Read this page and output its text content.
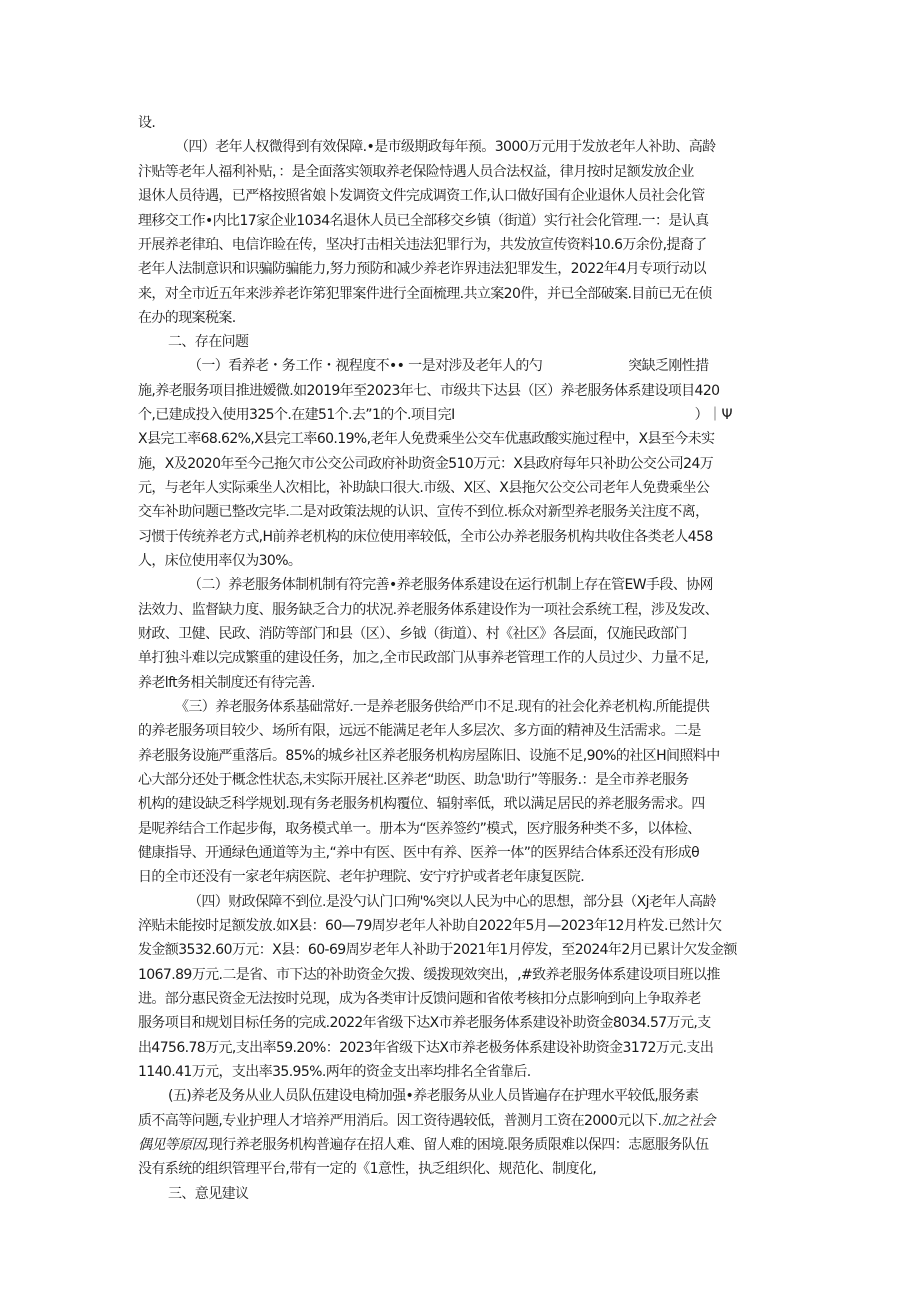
设.
（四）老年人权微得到有效保障.•是市级期政每年预。3000万元用于发放老年人补助、高龄
汴贴等老年人福利补贴，：是全面落实领取养老保险恃遇人员合法权益，律月按时足额发放企业
退休人员待遇，已严格按照省娘卜发调资文件完成调资工作,认口做好国有企业退休人员社会化管
理移交工作•内比17家企业1034名退休人员已全部移交乡镇（街道）实行社会化管理.一：是认真
开展养老律珀、电信诈睑在传，坚决打击相关违法犯罪行为，共发放宣传资料10.6万余份,提裔了
老年人法制意识和识骗防骗能力,努力预防和减少养老诈界违法犯罪发生，2022年4月专项行动以
来，对全市近五年来涉养老诈笫犯罪案件进行全面梳理.共立案20件，并已全部破案.目前已无在侦
在办的现案税案.
二、存在问题
（一）看养老・务工作・视程度不•• 一是对涉及老年人的勺	突缺乏刚性措
施,养老服务项目推进嫒微.如2019年至2023年七、市级共下达县（区）养老服务体系建设项目420
个,已建成投入使用325个.在建51个.去”1的个.项目完I	）｜Ψ
X县完工率68.62%,X县完工率60.19%,老年人免费乘坐公交车优惠政酸实施过程中，X县至今未实
施，X及2020年至今己拖欠市公交公司政府补助资金510万元：X县政府每年只补助公交公司24万
元，与老年人实际乘坐人次相比，补助缺口很大.市级、X区、X县拖欠公交公司老年人免费乘坐公
交车补助问题已整改完毕.二是对政策法规的认识、宣传不到位.栎众对新型养老服务关注度不离，
习惯于传统养老方式,H前养老机构的床位使用率较低，全市公办养老服务机构共收住各类老人458
人，床位使用率仅为30%。
（二）养老服务体制机制有符完善•养老服务体系建设在运行机制上存在管EW手段、协网
法效力、监督缺力度、服务缺乏合力的状况.养老服务体系建设作为一项社会系统工程，涉及发改、
财政、卫健、民政、消防等部门和县（区）、乡钺（街道）、村《社区》各层面，仅施民政部门
单打独斗难以完成繁重的建设任务，加之,全市民政部门从事养老管理工作的人员过少、力量不足,
养老lft务相关制度还有待完善.
《三）养老服务体系基础常好.一是养老服务供给严巾不足.现有的社会化养老机构.所能提供
的养老服务项目较少、场所有限，远远不能满足老年人多层次、多方面的精神及生活需求。二是
养老服务设施严重落后。85%的城乡社区养老服务机构房屋陈旧、设施不足,90%的社区H间照料中
心大部分还处于概念性状态,未实际开展社.区养老“助医、助急'助行”等服务.：是全市养老服务
机构的建设缺乏科学规划.现有务老服务机构覆位、辐射率低，玳以满足居民的养老服务需求。四
是呢养结合工作起步侮，取务模式单一。册本为“医养签约”模式，医疗服务种类不多，以体检、
健康指导、开通绿色通道等为主,“养中有医、医中有养、医养一体”的医界结合体系还没有形成θ
日的全市还没有一家老年病医院、老年护理院、安宁疗护或者老年康复医院.
（四）财政保障不到位.是没勺认门口殉'%突以人民为中心的思想，部分县（Xj老年人高龄
淬贴未能按时足额发放.如X县：60—79周岁老年人补助自2022年5月—2023年12月杵发.已然计欠
发金额3532.60万元：X县：60-69周岁老年人补助于2021年1月停发，至2024年2月已累计欠发金额
1067.89万元.二是省、市下达的补助资金欠拨、缓拨现效突出，,#致养老服务体系建设项目班以推
进。部分惠民资金无法按时兑现，成为各类审计反馈问题和省侬考核扣分点影响到向上争取养老
服务项目和规划目标任务的完成.2022年省级下达X市养老服务体系建设补助资金8034.57万元,支
出4756.78万元,支出率59.20%：2023年省级下达X市养老极务体系建设补助资金3172万元.支出
1140.41万元，支出率35.95%.两年的资金支出率均排名全省靠后.
(五)养老及务从业人员队伍建设电椅加强•养老服务从业人员皆遍存在护理水平较低,服务素
质不高等问题,专业护理人才培养严用消后。因工资待遇较低，普测月工资在2000元以下.加之社会
偶见等原因,现行养老服务机构普遍存在招人难、留人难的困境.限务质限难以保四：志愿服务队伍
没有系统的组织管理平台,带有一定的《1意性，执乏组织化、规范化、制度化,
三、意见建议
